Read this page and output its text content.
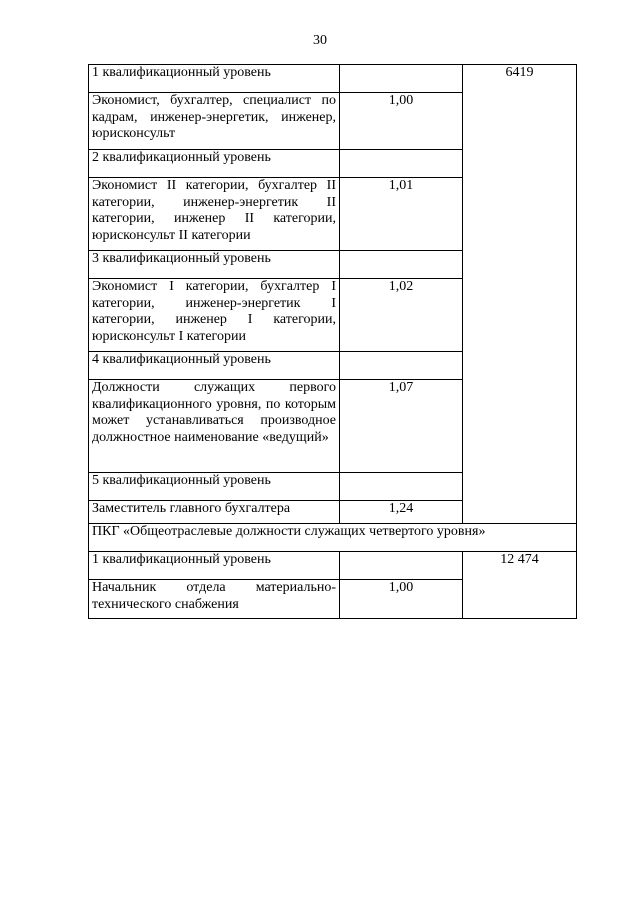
30
1 квалификационный уровень		6419
Экономист, бухгалтер, специалист по кадрам, инженер-энергетик, инженер, юрисконсульт	1,00	
2 квалификационный уровень		
Экономист II категории, бухгалтер II категории, инженер-энергетик II категории, инженер II категории, юрисконсульт II категории	1,01	
3 квалификационный уровень		
Экономист I категории, бухгалтер I категории, инженер-энергетик I категории, инженер I категории, юрисконсульт I категории	1,02	
4 квалификационный уровень		
Должности служащих первого квалификационного уровня, по которым может устанавливаться производное должностное наименование «ведущий»	1,07	
5 квалификационный уровень		
Заместитель главного бухгалтера	1,24	
ПКГ «Общеотраслевые должности служащих четвертого уровня»		
1 квалификационный уровень		12 474
Начальник отдела материально-технического снабжения	1,00	
